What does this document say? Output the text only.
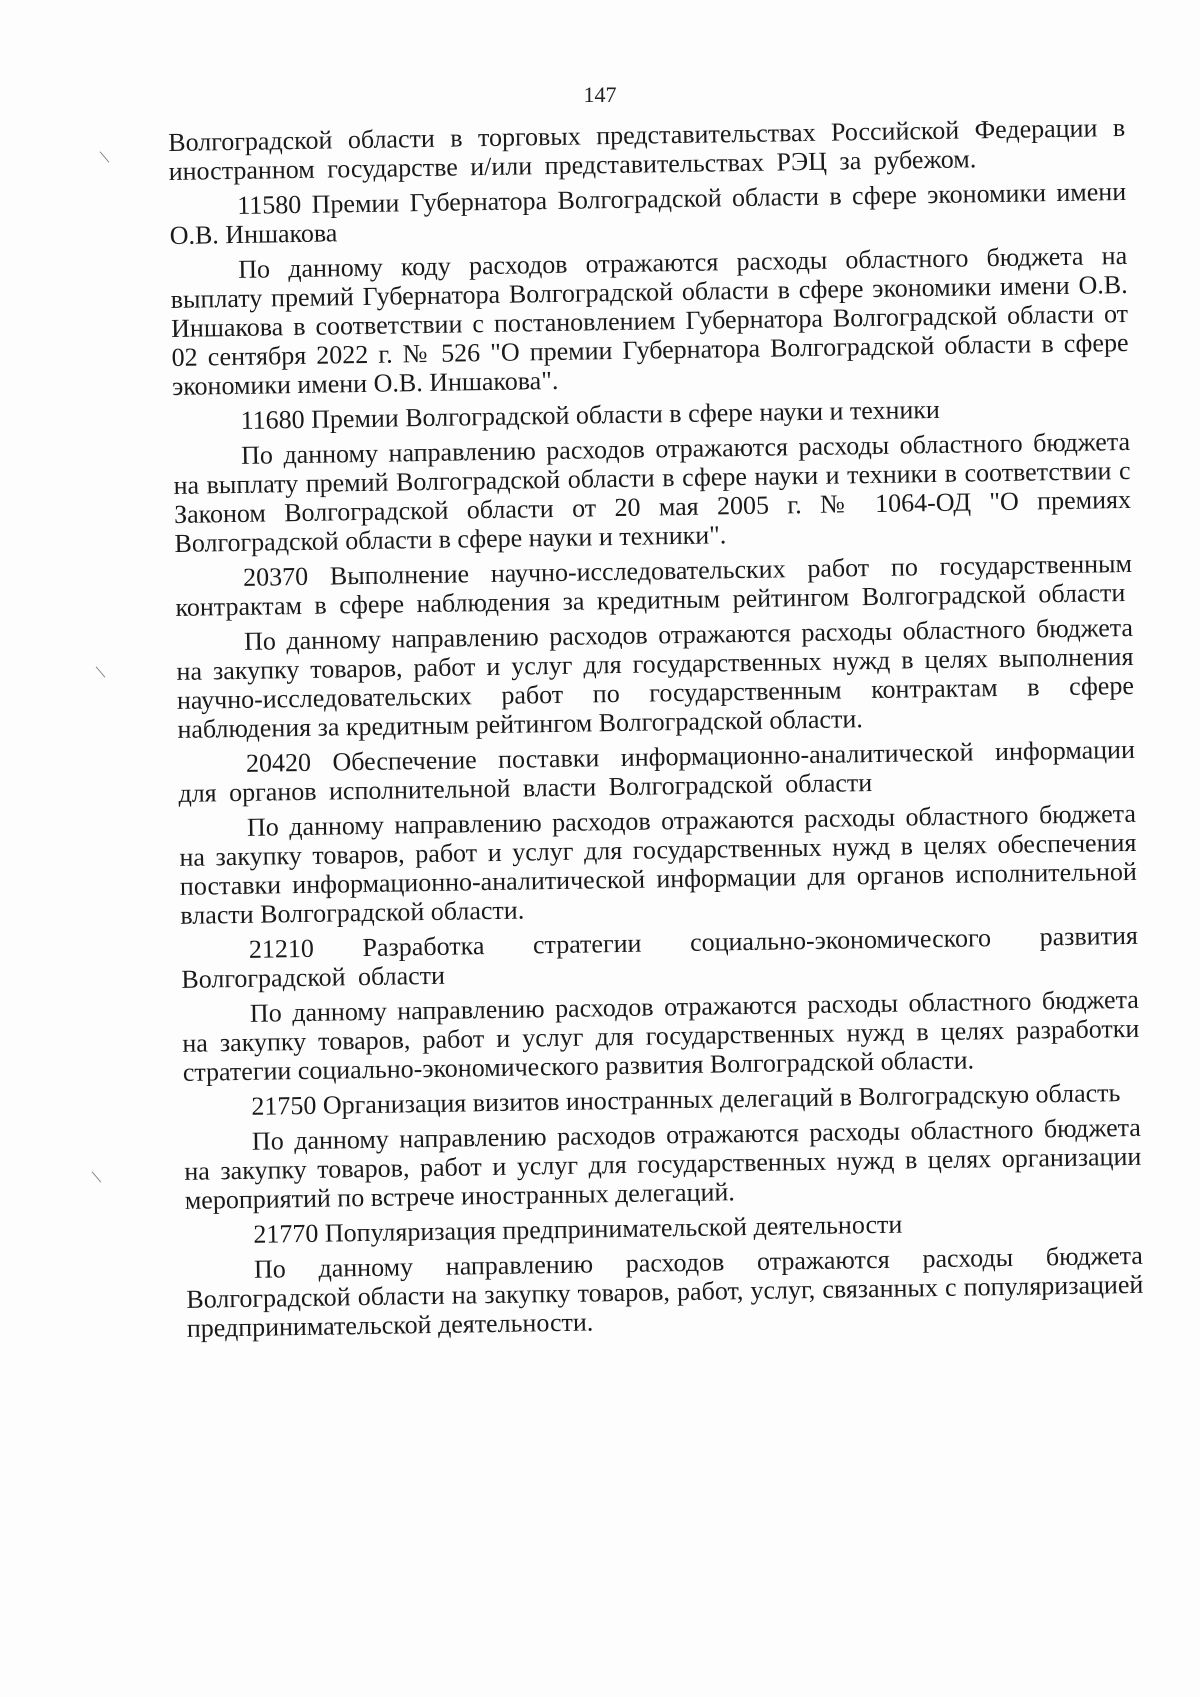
147

Волгоградской области в торговых представительствах Российской Федерации в иностранном государстве и/или представительствах РЭЦ за рубежом.

11580 Премии Губернатора Волгоградской области в сфере экономики имени О.В. Иншакова

По данному коду расходов отражаются расходы областного бюджета на выплату премий Губернатора Волгоградской области в сфере экономики имени О.В. Иншакова в соответствии с постановлением Губернатора Волгоградской области от 02 сентября 2022 г. № 526 "О премии Губернатора Волгоградской области в сфере экономики имени О.В. Иншакова".

11680 Премии Волгоградской области в сфере науки и техники

По данному направлению расходов отражаются расходы областного бюджета на выплату премий Волгоградской области в сфере науки и техники в соответствии с Законом Волгоградской области от 20 мая 2005 г. № 1064-ОД "О премиях Волгоградской области в сфере науки и техники".

20370 Выполнение научно-исследовательских работ по государственным контрактам в сфере наблюдения за кредитным рейтингом Волгоградской области

По данному направлению расходов отражаются расходы областного бюджета на закупку товаров, работ и услуг для государственных нужд в целях выполнения научно-исследовательских работ по государственным контрактам в сфере наблюдения за кредитным рейтингом Волгоградской области.

20420 Обеспечение поставки информационно-аналитической информации для органов исполнительной власти Волгоградской области

По данному направлению расходов отражаются расходы областного бюджета на закупку товаров, работ и услуг для государственных нужд в целях обеспечения поставки информационно-аналитической информации для органов исполнительной власти Волгоградской области.

21210 Разработка стратегии социально-экономического развития Волгоградской области

По данному направлению расходов отражаются расходы областного бюджета на закупку товаров, работ и услуг для государственных нужд в целях разработки стратегии социально-экономического развития Волгоградской области.

21750 Организация визитов иностранных делегаций в Волгоградскую область

По данному направлению расходов отражаются расходы областного бюджета на закупку товаров, работ и услуг для государственных нужд в целях организации мероприятий по встрече иностранных делегаций.

21770 Популяризация предпринимательской деятельности

По данному направлению расходов отражаются расходы бюджета Волгоградской области на закупку товаров, работ, услуг, связанных с популяризацией предпринимательской деятельности.
